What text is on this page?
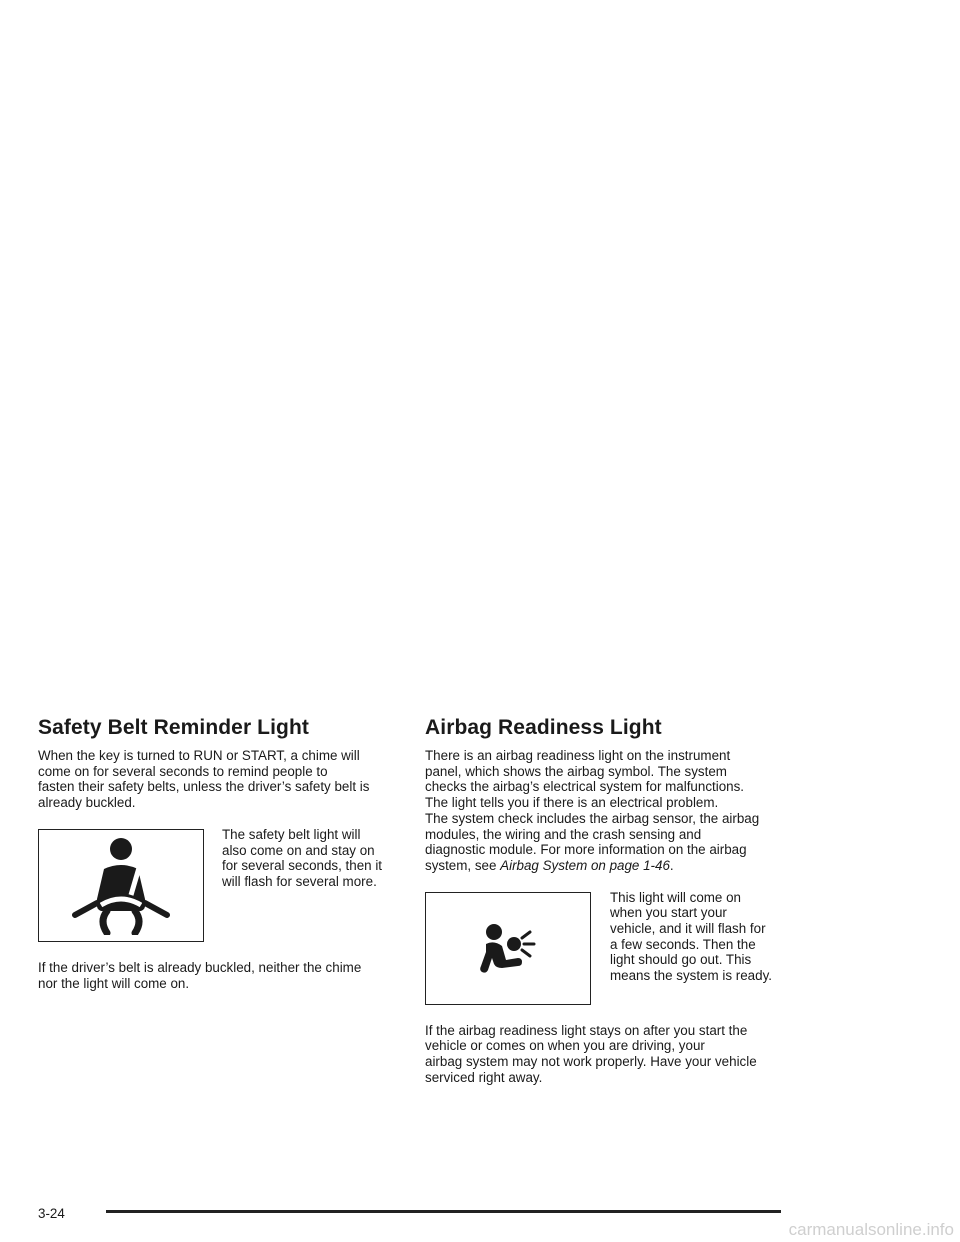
Safety Belt Reminder Light

When the key is turned to RUN or START, a chime will
come on for several seconds to remind people to
fasten their safety belts, unless the driver’s safety belt is
already buckled.

The safety belt light will
also come on and stay on
for several seconds, then it
will flash for several more.

If the driver’s belt is already buckled, neither the chime
nor the light will come on.

Airbag Readiness Light

There is an airbag readiness light on the instrument
panel, which shows the airbag symbol. The system
checks the airbag’s electrical system for malfunctions.
The light tells you if there is an electrical problem.
The system check includes the airbag sensor, the airbag
modules, the wiring and the crash sensing and
diagnostic module. For more information on the airbag
system, see Airbag System on page 1-46.

This light will come on
when you start your
vehicle, and it will flash for
a few seconds. Then the
light should go out. This
means the system is ready.

If the airbag readiness light stays on after you start the
vehicle or comes on when you are driving, your
airbag system may not work properly. Have your vehicle
serviced right away.

3-24
carmanualsonline.info
